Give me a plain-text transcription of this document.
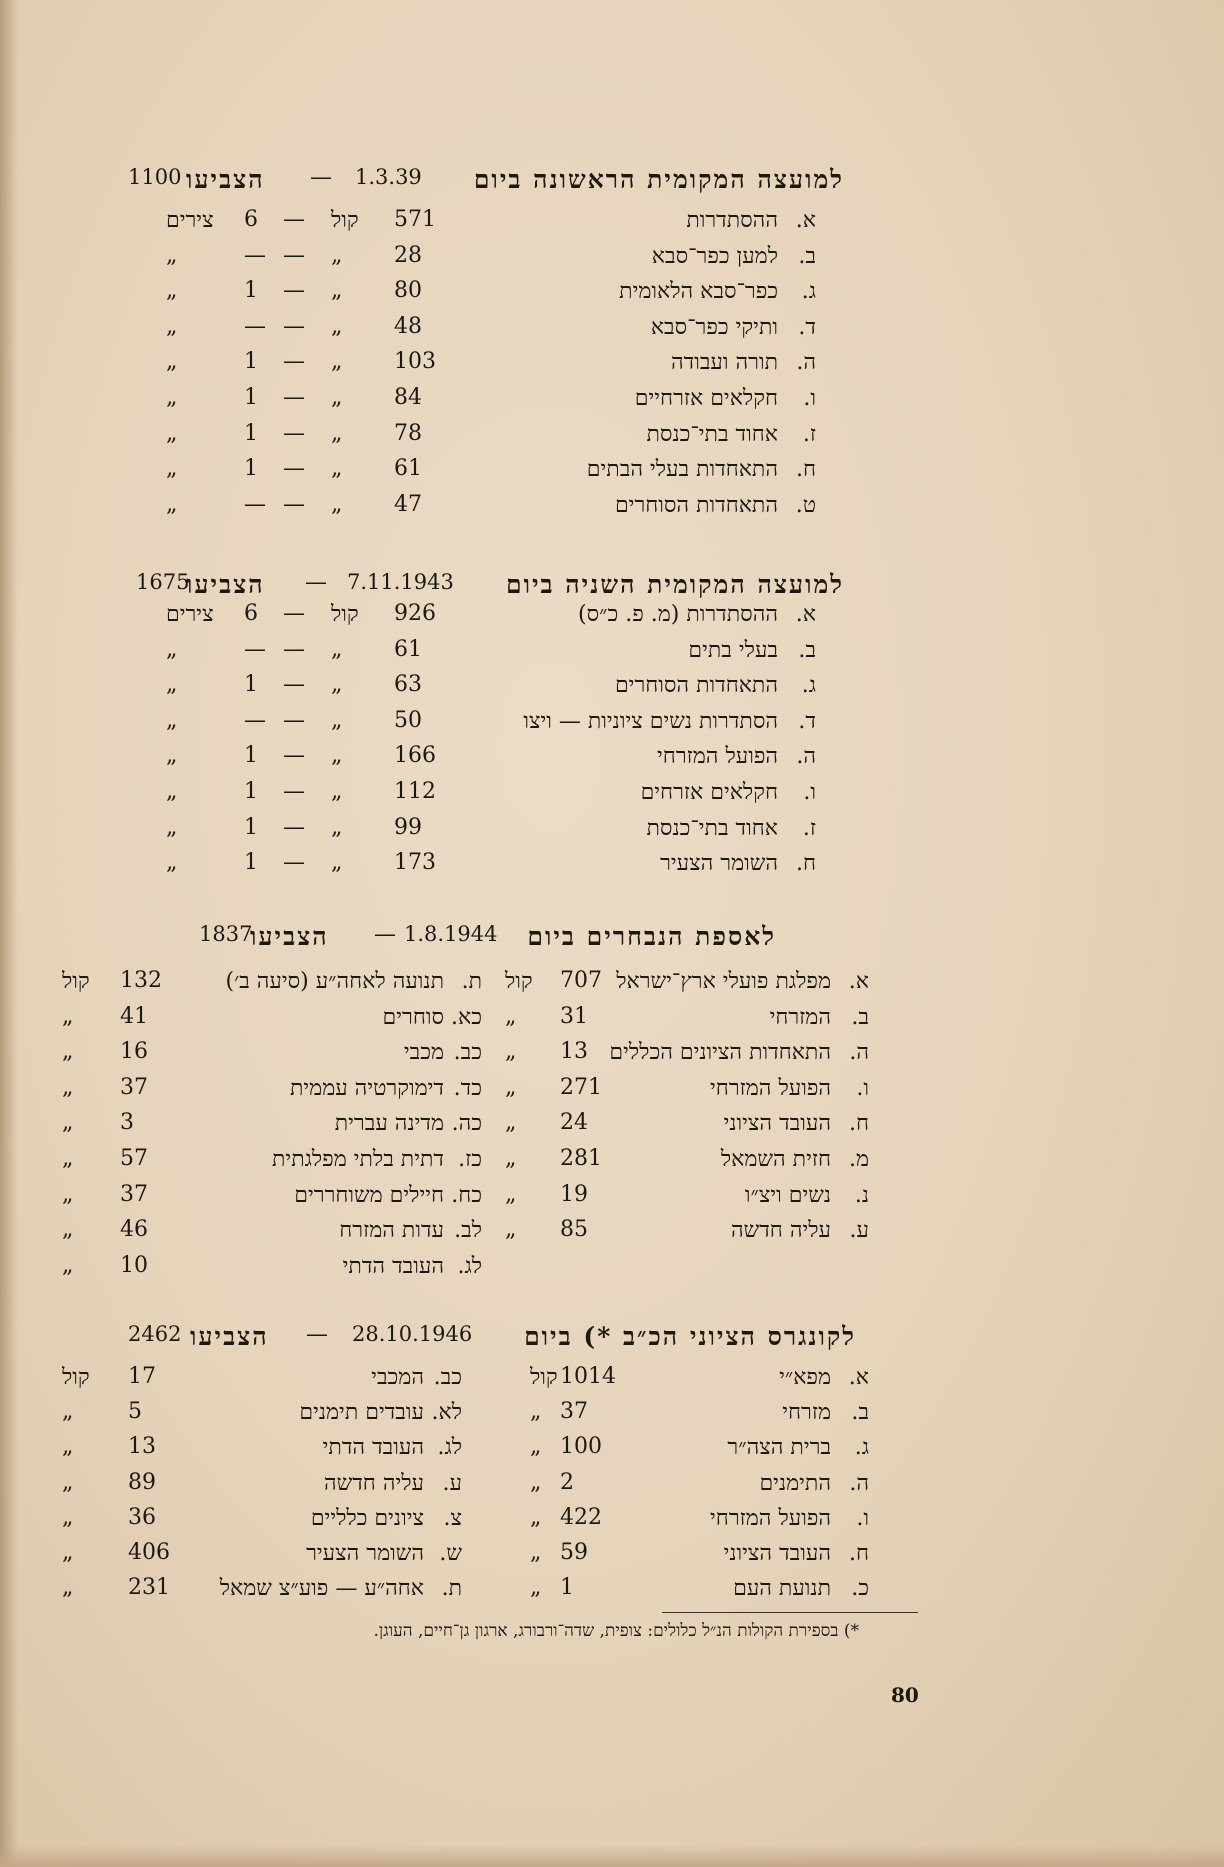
למועצה המקומית הראשונה ביום
1.3.39
—
הצביעו
1100
א.
ההסתדרות
571
קול
—
6
צירים
ב.
למען כפר־סבא
28
„
—
—
„
ג.
כפר־סבא הלאומית
80
„
—
1
„
ד.
ותיקי כפר־סבא
48
„
—
—
„
ה.
תורה ועבודה
103
„
—
1
„
ו.
חקלאים אזרחיים
84
„
—
1
„
ז.
אחוד בתי־כנסת
78
„
—
1
„
ח.
התאחדות בעלי הבתים
61
„
—
1
„
ט.
התאחדות הסוחרים
47
„
—
—
„
למועצה המקומית השניה ביום
7.11.1943
—
הצביעו
1675
א.
ההסתדרות (מ. פ. כ״ס)
926
קול
—
6
צירים
ב.
בעלי בתים
61
„
—
—
„
ג.
התאחדות הסוחרים
63
„
—
1
„
ד.
הסתדרות נשים ציוניות — ויצו
50
„
—
—
„
ה.
הפועל המזרחי
166
„
—
1
„
ו.
חקלאים אזרחים
112
„
—
1
„
ז.
אחוד בתי־כנסת
99
„
—
1
„
ח.
השומר הצעיר
173
„
—
1
„
לאספת הנבחרים ביום
1.8.1944
—
הצביעו
1837
א.
מפלגת פועלי ארץ־ישראל
707
קול
ב.
המזרחי
31
„
ה.
התאחדות הציונים הכללים
13
„
ו.
הפועל המזרחי
271
„
ח.
העובד הציוני
24
„
מ.
חזית השמאל
281
„
נ.
נשים ויצ״ו
19
„
ע.
עליה חדשה
85
„
ת.
תנועה לאחה״ע (סיעה ב׳)
132
קול
כא.
סוחרים
41
„
כב.
מכבי
16
„
כד.
דימוקרטיה עממית
37
„
כה.
מדינה עברית
3
„
כז.
דתית בלתי מפלגתית
57
„
כח.
חיילים משוחררים
37
„
לב.
עדות המזרח
46
„
לג.
העובד הדתי
10
„
לקונגרס הציוני הכ״ב *) ביום
28.10.1946
—
הצביעו
2462
א.
מפא״י
1014
קול
ב.
מזרחי
37
„
ג.
ברית הצה״ר
100
„
ה.
התימנים
2
„
ו.
הפועל המזרחי
422
„
ח.
העובד הציוני
59
„
כ.
תנועת העם
1
„
כב.
המכבי
17
קול
לא.
עובדים תימנים
5
„
לג.
העובד הדתי
13
„
ע.
עליה חדשה
89
„
צ.
ציונים כלליים
36
„
ש.
השומר הצעיר
406
„
ת.
אחה״ע — פוע״צ שמאל
231
„
*) בספירת הקולות הנ״ל כלולים: צופית, שדה־ורבורג, ארגון גן־חיים, העוגן.
80
